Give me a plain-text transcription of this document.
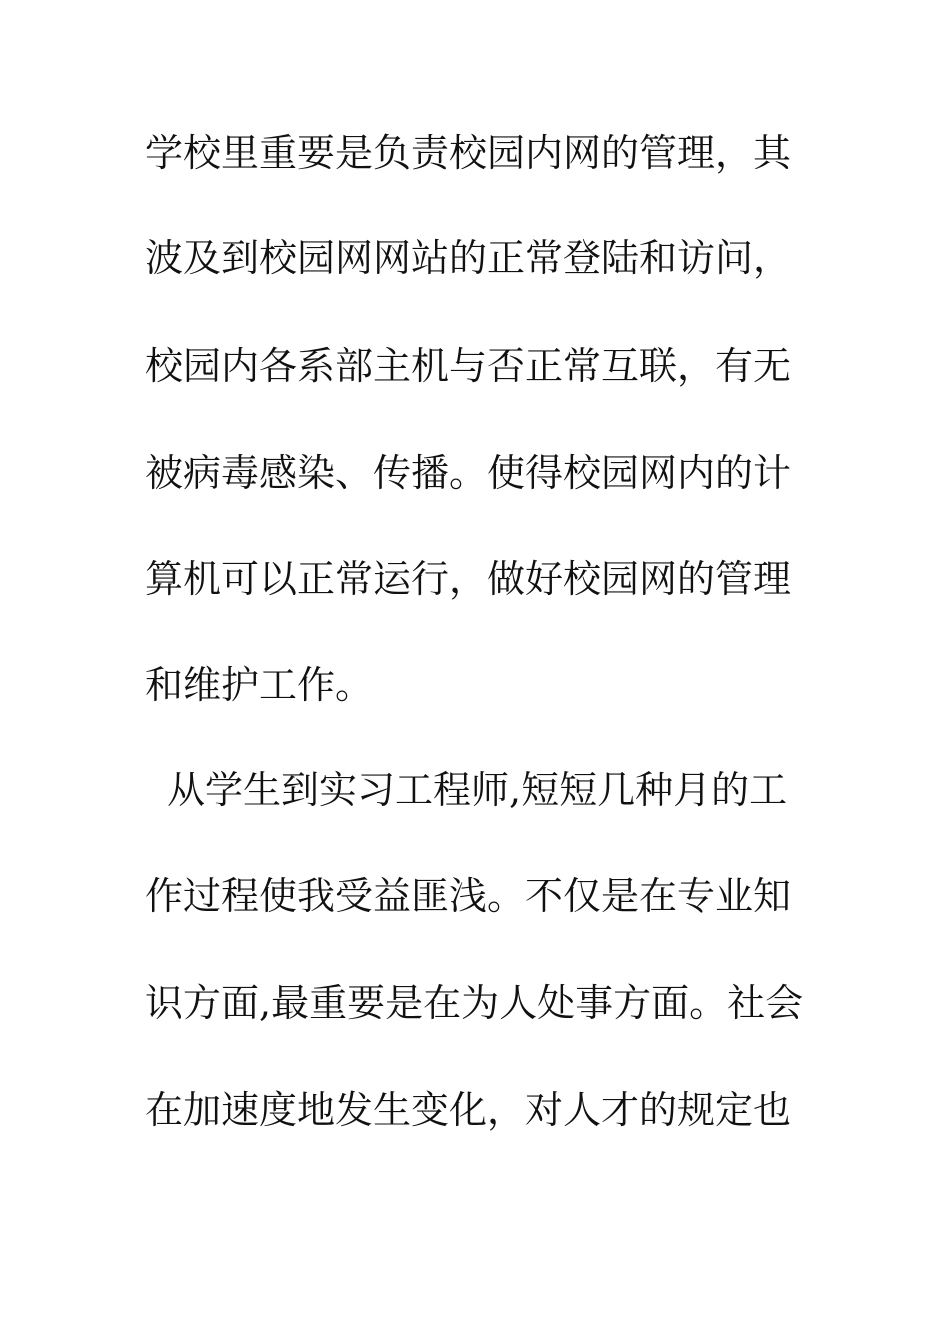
学校里重要是负责校园内网的管理，其
波及到校园网网站的正常登陆和访问，
校园内各系部主机与否正常互联，有无
被病毒感染、传播。使得校园网内的计
算机可以正常运行，做好校园网的管理
和维护工作。
从学生到实习工程师,短短几种月的工
作过程使我受益匪浅。不仅是在专业知
识方面,最重要是在为人处事方面。社会
在加速度地发生变化，对人才的规定也
